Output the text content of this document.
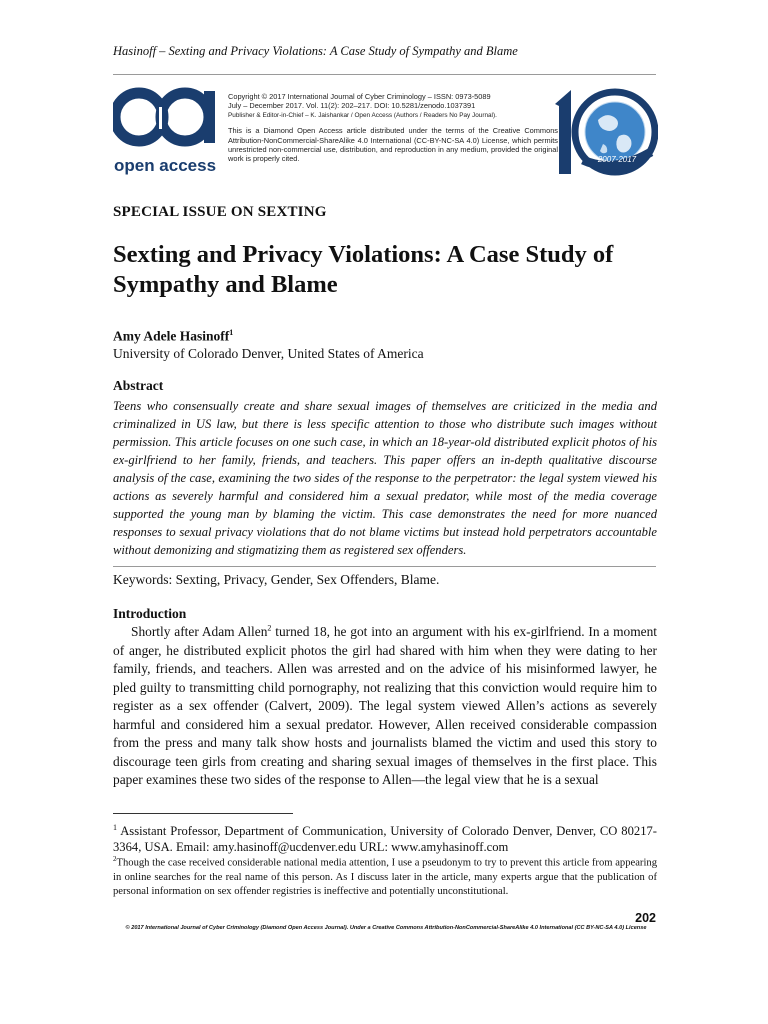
Hasinoff – Sexting and Privacy Violations: A Case Study of Sympathy and Blame
open access

Copyright © 2017 International Journal of Cyber Criminology – ISSN: 0973-5089

July – December 2017. Vol. 11(2): 202–217. DOI: 10.5281/zenodo.1037391

Publisher & Editor-in-Chief – K. Jaishankar / Open Access (Authors / Readers No Pay Journal).

This is a Diamond Open Access article distributed under the terms of the Creative Commons Attribution-NonCommercial-ShareAlike 4.0 International (CC-BY-NC-SA 4.0) License, which permits unrestricted non-commercial use, distribution, and reproduction in any medium, provided the original work is properly cited.	2007-2017
SPECIAL ISSUE ON SEXTING
Sexting and Privacy Violations: A Case Study of Sympathy and Blame
Amy Adele Hasinoff$^1$
University of Colorado Denver, United States of America
Abstract
Teens who consensually create and share sexual images of themselves are criticized in the media and criminalized in US law, but there is less specific attention to those who distribute such images without permission. This article focuses on one such case, in which an 18-year-old distributed explicit photos of his ex-girlfriend to her family, friends, and teachers. This paper offers an in-depth qualitative discourse analysis of the case, examining the two sides of the response to the perpetrator: the legal system viewed his actions as severely harmful and considered him a sexual predator, while most of the media coverage supported the young man by blaming the victim. This case demonstrates the need for more nuanced responses to sexual privacy violations that do not blame victims but instead hold perpetrators accountable without demonizing and stigmatizing them as registered sex offenders.
Keywords: Sexting, Privacy, Gender, Sex Offenders, Blame.
Introduction

Shortly after Adam Allen$^2$ turned 18, he got into an argument with his ex-girlfriend. In a moment of anger, he distributed explicit photos the girl had shared with him when they were dating to her family, friends, and teachers. Allen was arrested and on the advice of his misinformed lawyer, he pled guilty to transmitting child pornography, not realizing that this conviction would require him to register as a sex offender (Calvert, 2009). The legal system viewed Allen’s actions as severely harmful and considered him a sexual predator. However, Allen received considerable compassion from the press and many talk show hosts and journalists blamed the victim and used this story to discourage teen girls from creating and sharing sexual images of themselves in the first place. This paper examines these two sides of the response to Allen—the legal view that he is a sexual

$^1$ Assistant Professor, Department of Communication, University of Colorado Denver, Denver, CO 80217-3364, USA. Email: amy.hasinoff@ucdenver.edu URL: www.amyhasinoff.com
$^2$Though the case received considerable national media attention, I use a pseudonym to try to prevent this article from appearing in online searches for the real name of this person. As I discuss later in the article, many experts argue that the publication of personal information on sex offender registries is ineffective and potentially unconstitutional.
202
© 2017 International Journal of Cyber Criminology (Diamond Open Access Journal). Under a Creative Commons Attribution-NonCommercial-ShareAlike 4.0 International (CC BY-NC-SA 4.0) License
